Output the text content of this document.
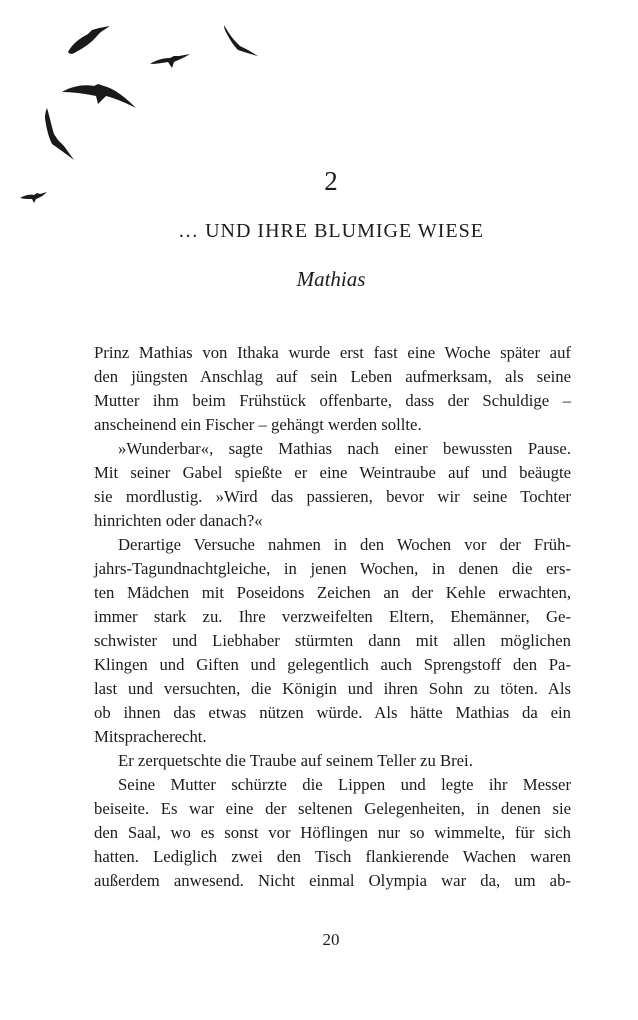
2
… UND IHRE BLUMIGE WIESE
Mathias
Prinz Mathias von Ithaka wurde erst fast eine Woche später auf
den jüngsten Anschlag auf sein Leben aufmerksam, als seine
Mutter ihm beim Frühstück offenbarte, dass der Schuldige –
anscheinend ein Fischer – gehängt werden sollte.
»Wunderbar«, sagte Mathias nach einer bewussten Pause.
Mit seiner Gabel spießte er eine Weintraube auf und beäugte
sie mordlustig. »Wird das passieren, bevor wir seine Tochter
hinrichten oder danach?«
Derartige Versuche nahmen in den Wochen vor der Früh-
jahrs-Tagundnachtgleiche, in jenen Wochen, in denen die ers-
ten Mädchen mit Poseidons Zeichen an der Kehle erwachten,
immer stark zu. Ihre verzweifelten Eltern, Ehemänner, Ge-
schwister und Liebhaber stürmten dann mit allen möglichen
Klingen und Giften und gelegentlich auch Sprengstoff den Pa-
last und versuchten, die Königin und ihren Sohn zu töten. Als
ob ihnen das etwas nützen würde. Als hätte Mathias da ein
Mitspracherecht.
Er zerquetschte die Traube auf seinem Teller zu Brei.
Seine Mutter schürzte die Lippen und legte ihr Messer
beiseite. Es war eine der seltenen Gelegenheiten, in denen sie
den Saal, wo es sonst vor Höflingen nur so wimmelte, für sich
hatten. Lediglich zwei den Tisch flankierende Wachen waren
außerdem anwesend. Nicht einmal Olympia war da, um ab-
20
